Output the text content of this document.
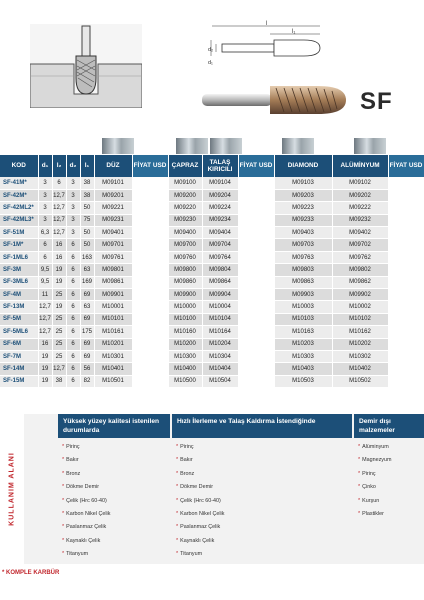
l
l₁
d₂
d₁
SF
KOD	d₁	l₂	d₂	l₁	DÜZ	FİYAT USD	ÇAPRAZ	TALAŞ KIRICILI	FİYAT USD	DIAMOND	ALÜMİNYUM	FİYAT USD
SF-41M*	3	6	3	38	M09101		M09100	M09104		M09103	M09102	
SF-42M*	3	12,7	3	38	M09201		M09200	M09204		M09203	M09202	
SF-42ML2*	3	12,7	3	50	M09221		M09220	M09224		M09223	M09222	
SF-42ML3*	3	12,7	3	75	M09231		M09230	M09234		M09233	M09232	
SF-51M	6,3	12,7	3	50	M09401		M09400	M09404		M09403	M09402	
SF-1M*	6	16	6	50	M09701		M09700	M09704		M09703	M09702	
SF-1ML6	6	16	6	163	M09761		M09760	M09764		M09763	M09762	
SF-3M	9,5	19	6	63	M09801		M09800	M09804		M09803	M09802	
SF-3ML6	9,5	19	6	169	M09861		M09860	M09864		M09863	M09862	
SF-4M	11	25	6	69	M09901		M09900	M09904		M09903	M09902	
SF-13M	12,7	19	6	63	M10001		M10000	M10004		M10003	M10002	
SF-5M	12,7	25	6	69	M10101		M10100	M10104		M10103	M10102	
SF-5ML6	12,7	25	6	175	M10161		M10160	M10164		M10163	M10162	
SF-6M	16	25	6	69	M10201		M10200	M10204		M10203	M10202	
SF-7M	19	25	6	69	M10301		M10300	M10304		M10303	M10302	
SF-14M	19	12,7	6	56	M10401		M10400	M10404		M10403	M10402	
SF-15M	19	38	6	82	M10501		M10500	M10504		M10503	M10502	
KULLANIM ALANI
Yüksek yüzey kalitesi istenilen durumlarda
* Pirinç
* Bakır
* Bronz
* Dökme Demir
* Çelik (Hrc 60-40)
* Karbon Nikel Çelik
* Paslanmaz Çelik
* Kaynaklı Çelik
* Titanyum
Hızlı İlerleme ve Talaş Kaldırma İstendiğinde
* Pirinç
* Bakır
* Bronz
* Dökme Demir
* Çelik (Hrc 60-40)
* Karbon Nikel Çelik
* Paslanmaz Çelik
* Kaynaklı Çelik
* Titanyum
Demir dışı malzemeler
* Alüminyum
* Magnezyum
* Pirinç
* Çinko
* Kurşun
* Plastikler
* KOMPLE KARBÜR
